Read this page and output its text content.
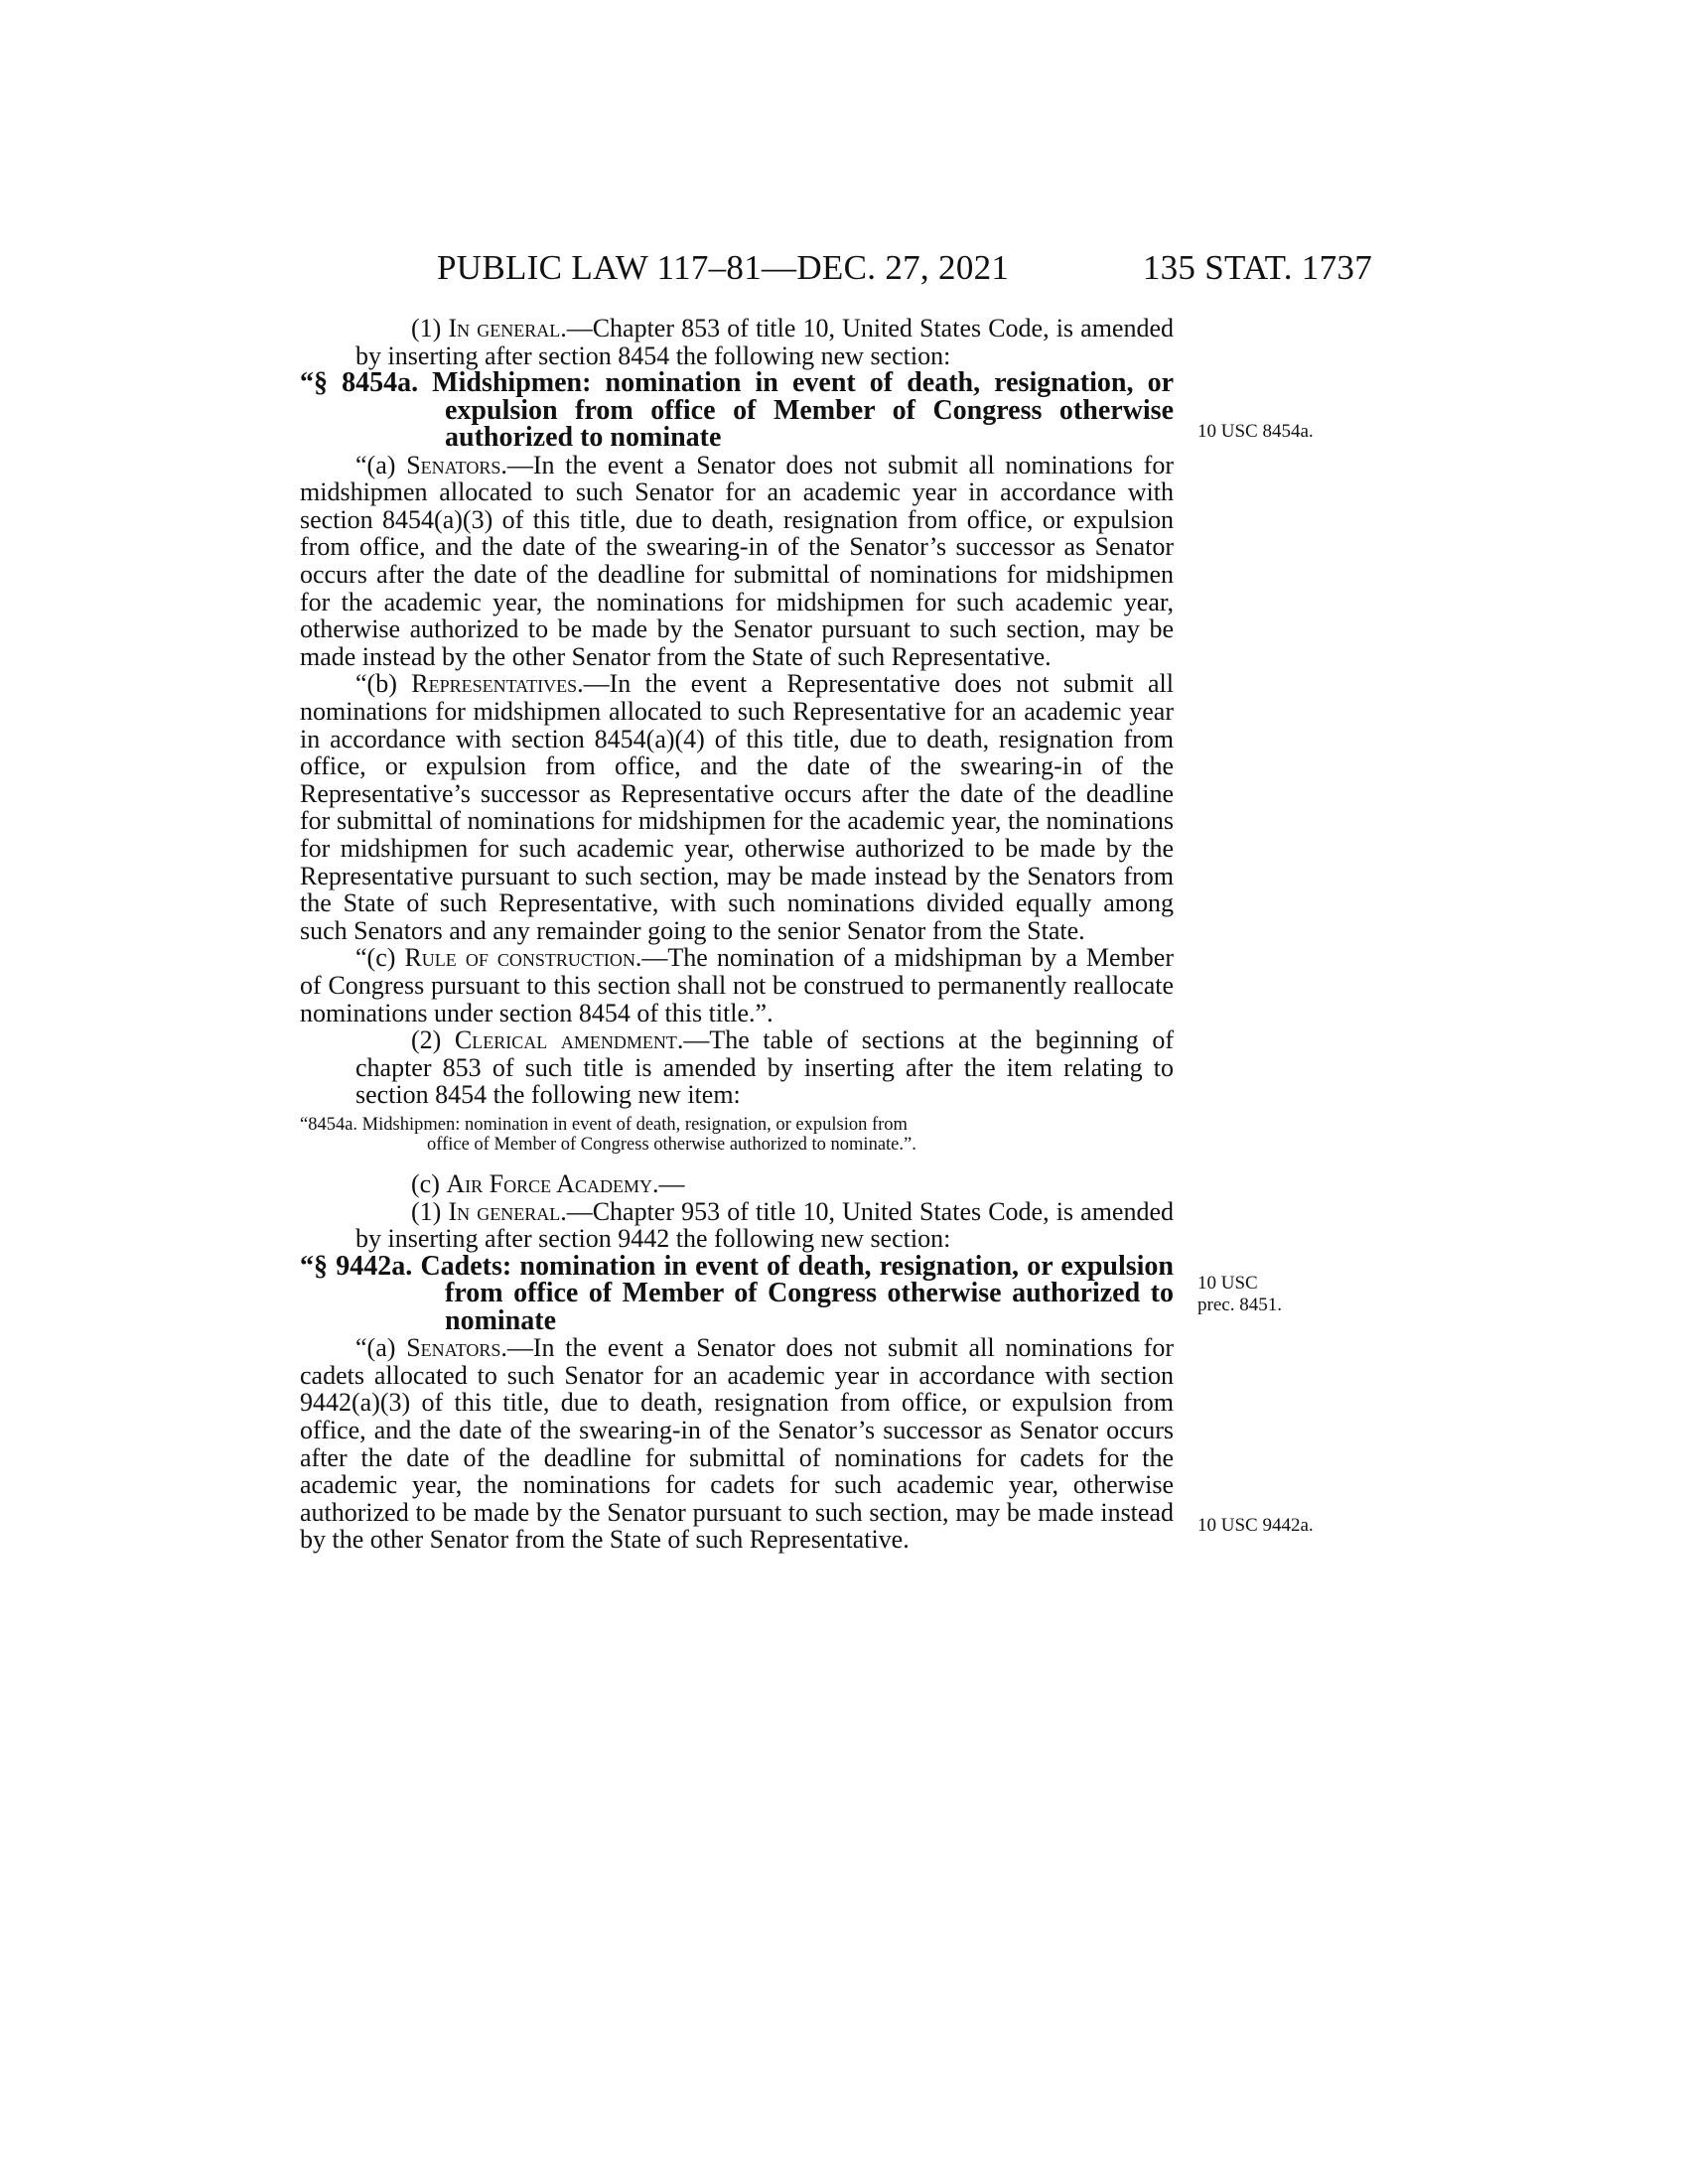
PUBLIC LAW 117–81—DEC. 27, 2021	135 STAT. 1737
10 USC 8454a.
10 USC
prec. 8451.
10 USC 9442a.

(1) In general.—Chapter 853 of title 10, United States Code, is amended by inserting after section 8454 the following new section:

“§ 8454a. Midshipmen: nomination in event of death, resignation, or expulsion from office of Member of Congress otherwise authorized to nominate

“(a) Senators.—In the event a Senator does not submit all nominations for midshipmen allocated to such Senator for an academic year in accordance with section 8454(a)(3) of this title, due to death, resignation from office, or expulsion from office, and the date of the swearing-in of the Senator’s successor as Senator occurs after the date of the deadline for submittal of nominations for midshipmen for the academic year, the nominations for midshipmen for such academic year, otherwise authorized to be made by the Senator pursuant to such section, may be made instead by the other Senator from the State of such Representative.

“(b) Representatives.—In the event a Representative does not submit all nominations for midshipmen allocated to such Representative for an academic year in accordance with section 8454(a)(4) of this title, due to death, resignation from office, or expulsion from office, and the date of the swearing-in of the Representative’s successor as Representative occurs after the date of the deadline for submittal of nominations for midshipmen for the academic year, the nominations for midshipmen for such academic year, otherwise authorized to be made by the Representative pursuant to such section, may be made instead by the Senators from the State of such Representative, with such nominations divided equally among such Senators and any remainder going to the senior Senator from the State.

“(c) Rule of construction.—The nomination of a midshipman by a Member of Congress pursuant to this section shall not be construed to permanently reallocate nominations under section 8454 of this title.”.

(2) Clerical amendment.—The table of sections at the beginning of chapter 853 of such title is amended by inserting after the item relating to section 8454 the following new item:

“8454a. Midshipmen: nomination in event of death, resignation, or expulsion from
office of Member of Congress otherwise authorized to nominate.”.

(c) Air Force Academy.—

(1) In general.—Chapter 953 of title 10, United States Code, is amended by inserting after section 9442 the following new section:

“§ 9442a. Cadets: nomination in event of death, resignation, or expulsion from office of Member of Congress otherwise authorized to nominate

“(a) Senators.—In the event a Senator does not submit all nominations for cadets allocated to such Senator for an academic year in accordance with section 9442(a)(3) of this title, due to death, resignation from office, or expulsion from office, and the date of the swearing-in of the Senator’s successor as Senator occurs after the date of the deadline for submittal of nominations for cadets for the academic year, the nominations for cadets for such academic year, otherwise authorized to be made by the Senator pursuant to such section, may be made instead by the other Senator from the State of such Representative.
